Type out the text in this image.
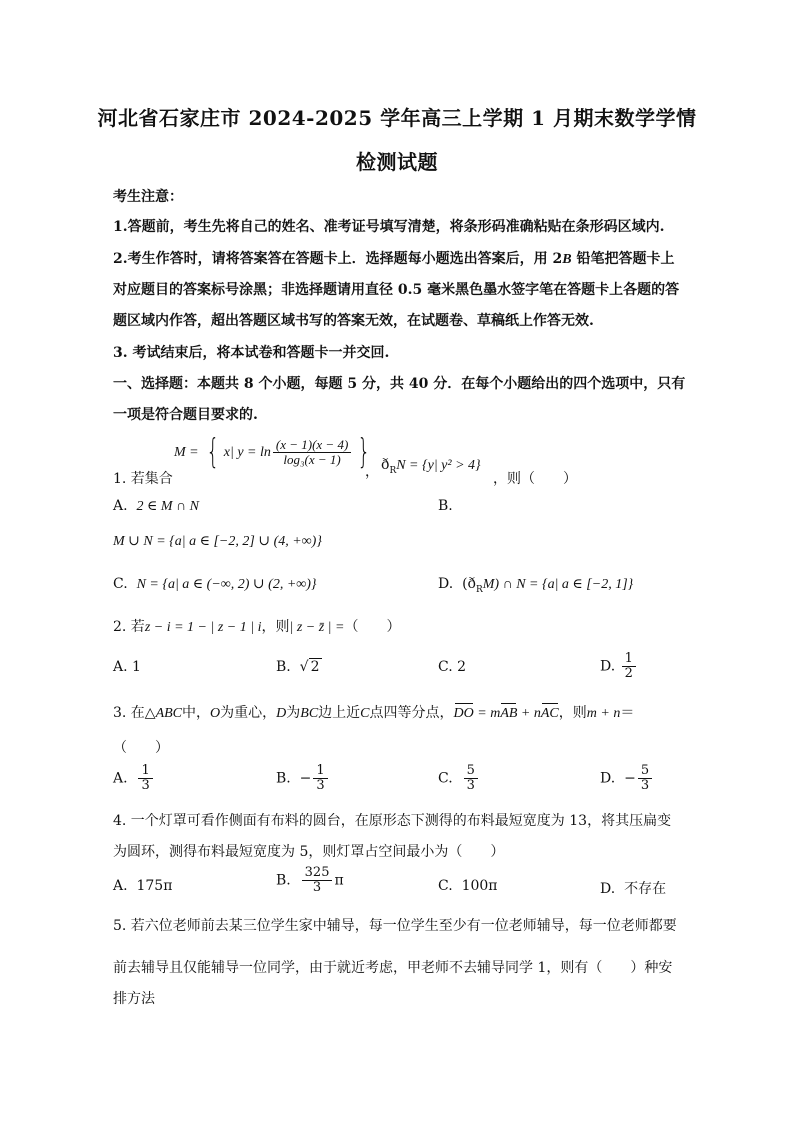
河北省石家庄市 2024-2025 学年高三上学期 1 月期末数学学情
检测试题
考生注意：
1.答题前，考生先将自己的姓名、准考证号填写清楚，将条形码准确粘贴在条形码区域内.
2.考生作答时，请将答案答在答题卡上．选择题每小题选出答案后，用 2B 铅笔把答题卡上
对应题目的答案标号涂黑；非选择题请用直径 0.5 毫米黑色墨水签字笔在答题卡上各题的答
题区域内作答，超出答题区域书写的答案无效，在试题卷、草稿纸上作答无效.
3. 考试结束后，将本试卷和答题卡一并交回.
一、选择题：本题共 8 个小题，每题 5 分，共 40 分．在每个小题给出的四个选项中，只有
一项是符合题目要求的.
M = { x| $y = \ln \frac{(x - 1)(x - 4)}{\text{log₃(x − 1)}}$ }
1. 若集合	， $ð_RN = \{y|$ y² > 4}
，则（　　）
A. 2 ∈ M ∩ N	B.
M ∪ N = {a| a ∈ [−2, 2] ∪ (4, +∞)}
C. N = {a| a ∈ (−∞, 2) ∪ (2, +∞)}	D. $(ð_RM)$ ∩ N = {a| a ∈ [−2, 1]}
2. 若z − i = 1 − | z − 1 | i，则| z − z̄ | =（　　）
A. 1	B. √ 2	C. 2	D. $\frac{1}{2}$
3. 在△ABC中，O为重心，D为BC边上近C点四等分点，DO = mAB + nAC，则m + n＝
（　　）
A. $\frac{1}{3}$	B. − $\frac{1}{3}$	C. $\frac{5}{3}$	D. − $\frac{5}{3}$
4. 一个灯罩可看作侧面有布料的圆台，在原形态下测得的布料最短宽度为 13，将其压扁变
为圆环，测得布料最短宽度为 5，则灯罩占空间最小为（　　）
A. 175π	B. $\frac{325}{3}$ π	C. 100π	D. 不存在
5. 若六位老师前去某三位学生家中辅导，每一位学生至少有一位老师辅导，每一位老师都要
前去辅导且仅能辅导一位同学，由于就近考虑，甲老师不去辅导同学 1，则有（　　）种安
排方法
